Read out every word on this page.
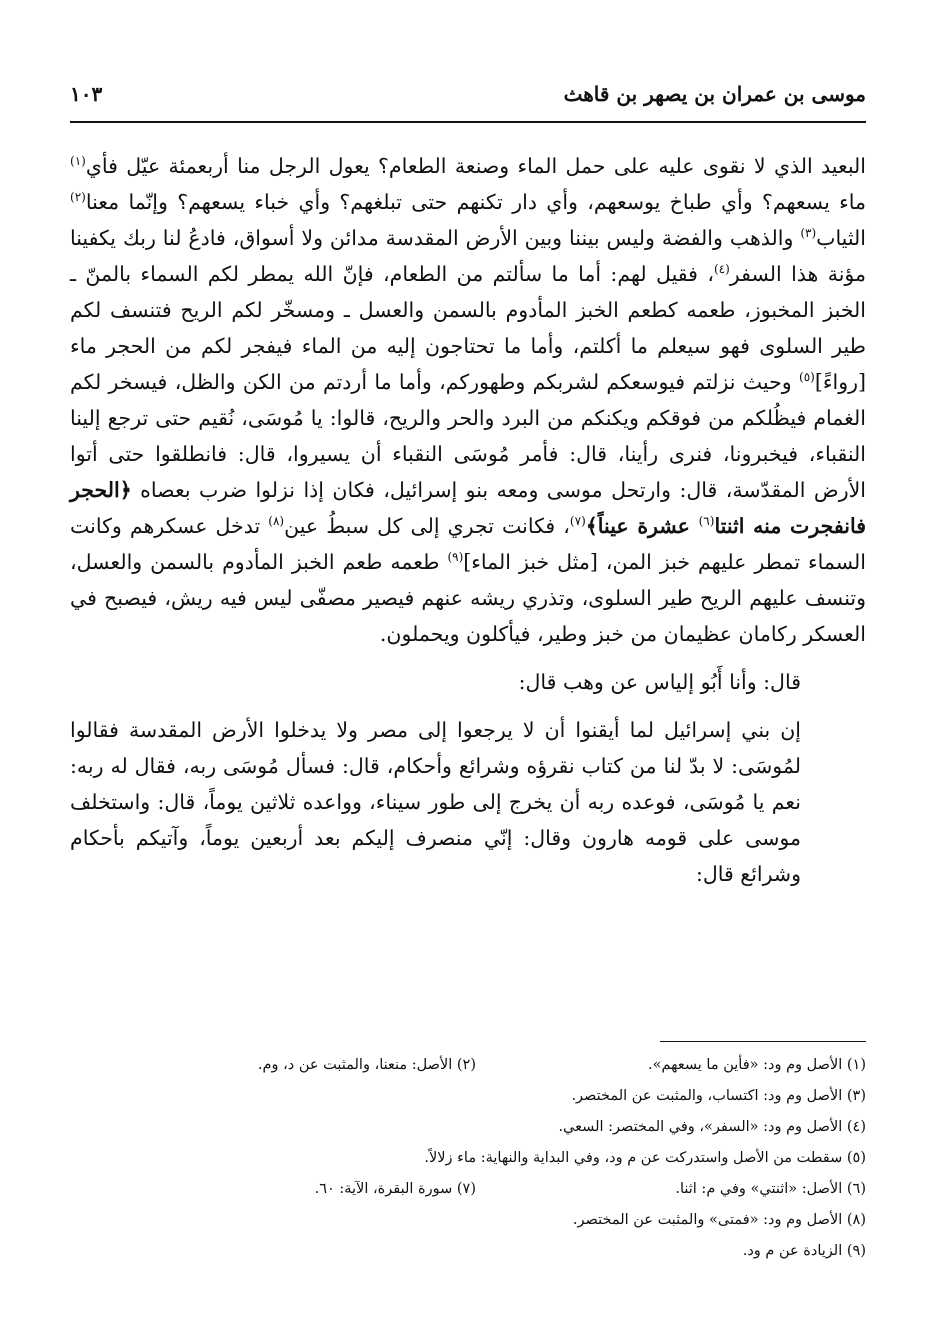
موسى بن عمران بن يصهر بن قاهث
١٠٣

البعيد الذي لا نقوى عليه على حمل الماء وصنعة الطعام؟ يعول الرجل منا أربعمئة عيّل فأي$^{(١)}$ ماء يسعهم؟ وأي طباخ يوسعهم، وأي دار تكنهم حتى تبلغهم؟ وأي خباء يسعهم؟ وإنّما معنا$^{(٢)}$ الثياب$^{(٣)}$ والذهب والفضة وليس بيننا وبين الأرض المقدسة مدائن ولا أسواق، فادعُ لنا ربك يكفينا مؤنة هذا السفر$^{(٤)}$، فقيل لهم: أما ما سألتم من الطعام، فإنّ الله يمطر لكم السماء بالمنّ ـ الخبز المخبوز، طعمه كطعم الخبز المأدوم بالسمن والعسل ـ ومسخّر لكم الريح فتنسف لكم طير السلوى فهو سيعلم ما أكلتم، وأما ما تحتاجون إليه من الماء فيفجر لكم من الحجر ماء [رواءً]$^{(٥)}$ وحيث نزلتم فيوسعكم لشربكم وطهوركم، وأما ما أردتم من الكن والظل، فيسخر لكم الغمام فيظُلكم من فوقكم ويكنكم من البرد والحر والريح، قالوا: يا مُوسَى، نُقيم حتى ترجع إلينا النقباء، فيخبرونا، فنرى رأينا، قال: فأمر مُوسَى النقباء أن يسيروا، قال: فانطلقوا حتى أتوا الأرض المقدّسة، قال: وارتحل موسى ومعه بنو إسرائيل، فكان إذا نزلوا ضرب بعصاه ﴿الحجر فانفجرت منه اثنتا$^{(٦)}$ عشرة عيناً﴾$^{(٧)}$، فكانت تجري إلى كل سبطُ عين$^{(٨)}$ تدخل عسكرهم وكانت السماء تمطر عليهم خبز المن، [مثل خبز الماء]$^{(٩)}$ طعمه طعم الخبز المأدوم بالسمن والعسل، وتنسف عليهم الريح طير السلوى، وتذري ريشه عنهم فيصير مصفّى ليس فيه ريش، فيصبح في العسكر ركامان عظيمان من خبز وطير، فيأكلون ويحملون.

قال: وأنا أَبُو إلياس عن وهب قال:

إن بني إسرائيل لما أيقنوا أن لا يرجعوا إلى مصر ولا يدخلوا الأرض المقدسة فقالوا لمُوسَى: لا بدّ لنا من كتاب نقرؤه وشرائع وأحكام، قال: فسأل مُوسَى ربه، فقال له ربه: نعم يا مُوسَى، فوعده ربه أن يخرج إلى طور سيناء، وواعده ثلاثين يوماً، قال: واستخلف موسى على قومه هارون وقال: إنّي منصرف إليكم بعد أربعين يوماً، وآتيكم بأحكام وشرائع قال:

(١) الأصل وم ود: «فأين ما يسعهم».
(٢) الأصل: منعنا، والمثبت عن د، وم.
(٣) الأصل وم ود: اكتساب، والمثبت عن المختصر.
(٤) الأصل وم ود: «السفر»، وفي المختصر: السعي.
(٥) سقطت من الأصل واستدركت عن م ود، وفي البداية والنهاية: ماء زلالاً.
(٦) الأصل: «اثنتي» وفي م: اثنا.
(٧) سورة البقرة، الآية: ٦٠.
(٨) الأصل وم ود: «فمتى» والمثبت عن المختصر.
(٩) الزيادة عن م ود.
